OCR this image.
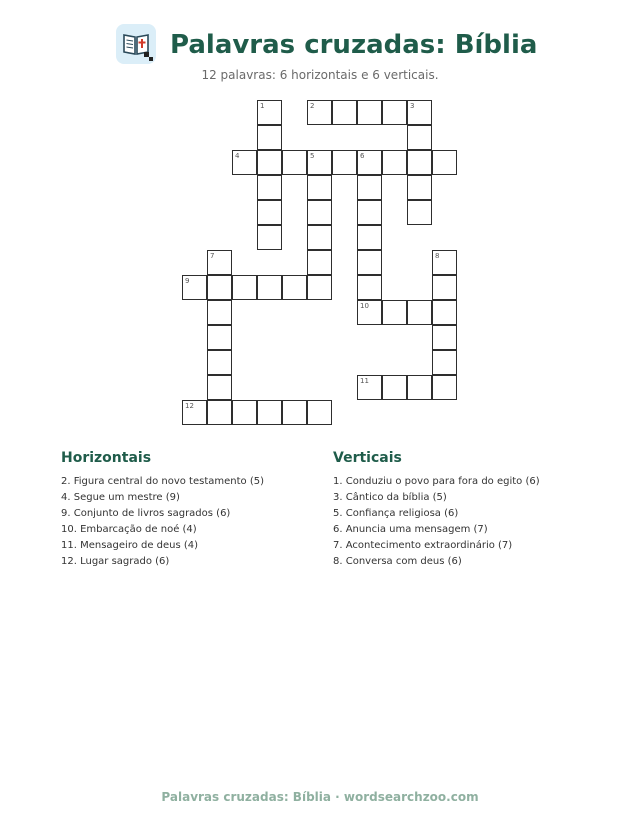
Palavras cruzadas: Bíblia
12 palavras: 6 horizontais e 6 verticais.
1	2	3
4	5	6
10
7	8
9
11
12
Horizontais
2. Figura central do novo testamento (5)
4. Segue um mestre (9)
9. Conjunto de livros sagrados (6)
10. Embarcação de noé (4)
11. Mensageiro de deus (4)
12. Lugar sagrado (6)
Verticais
1. Conduziu o povo para fora do egito (6)
3. Cântico da bíblia (5)
5. Confiança religiosa (6)
6. Anuncia uma mensagem (7)
7. Acontecimento extraordinário (7)
8. Conversa com deus (6)
Palavras cruzadas: Bíblia · wordsearchzoo.com
